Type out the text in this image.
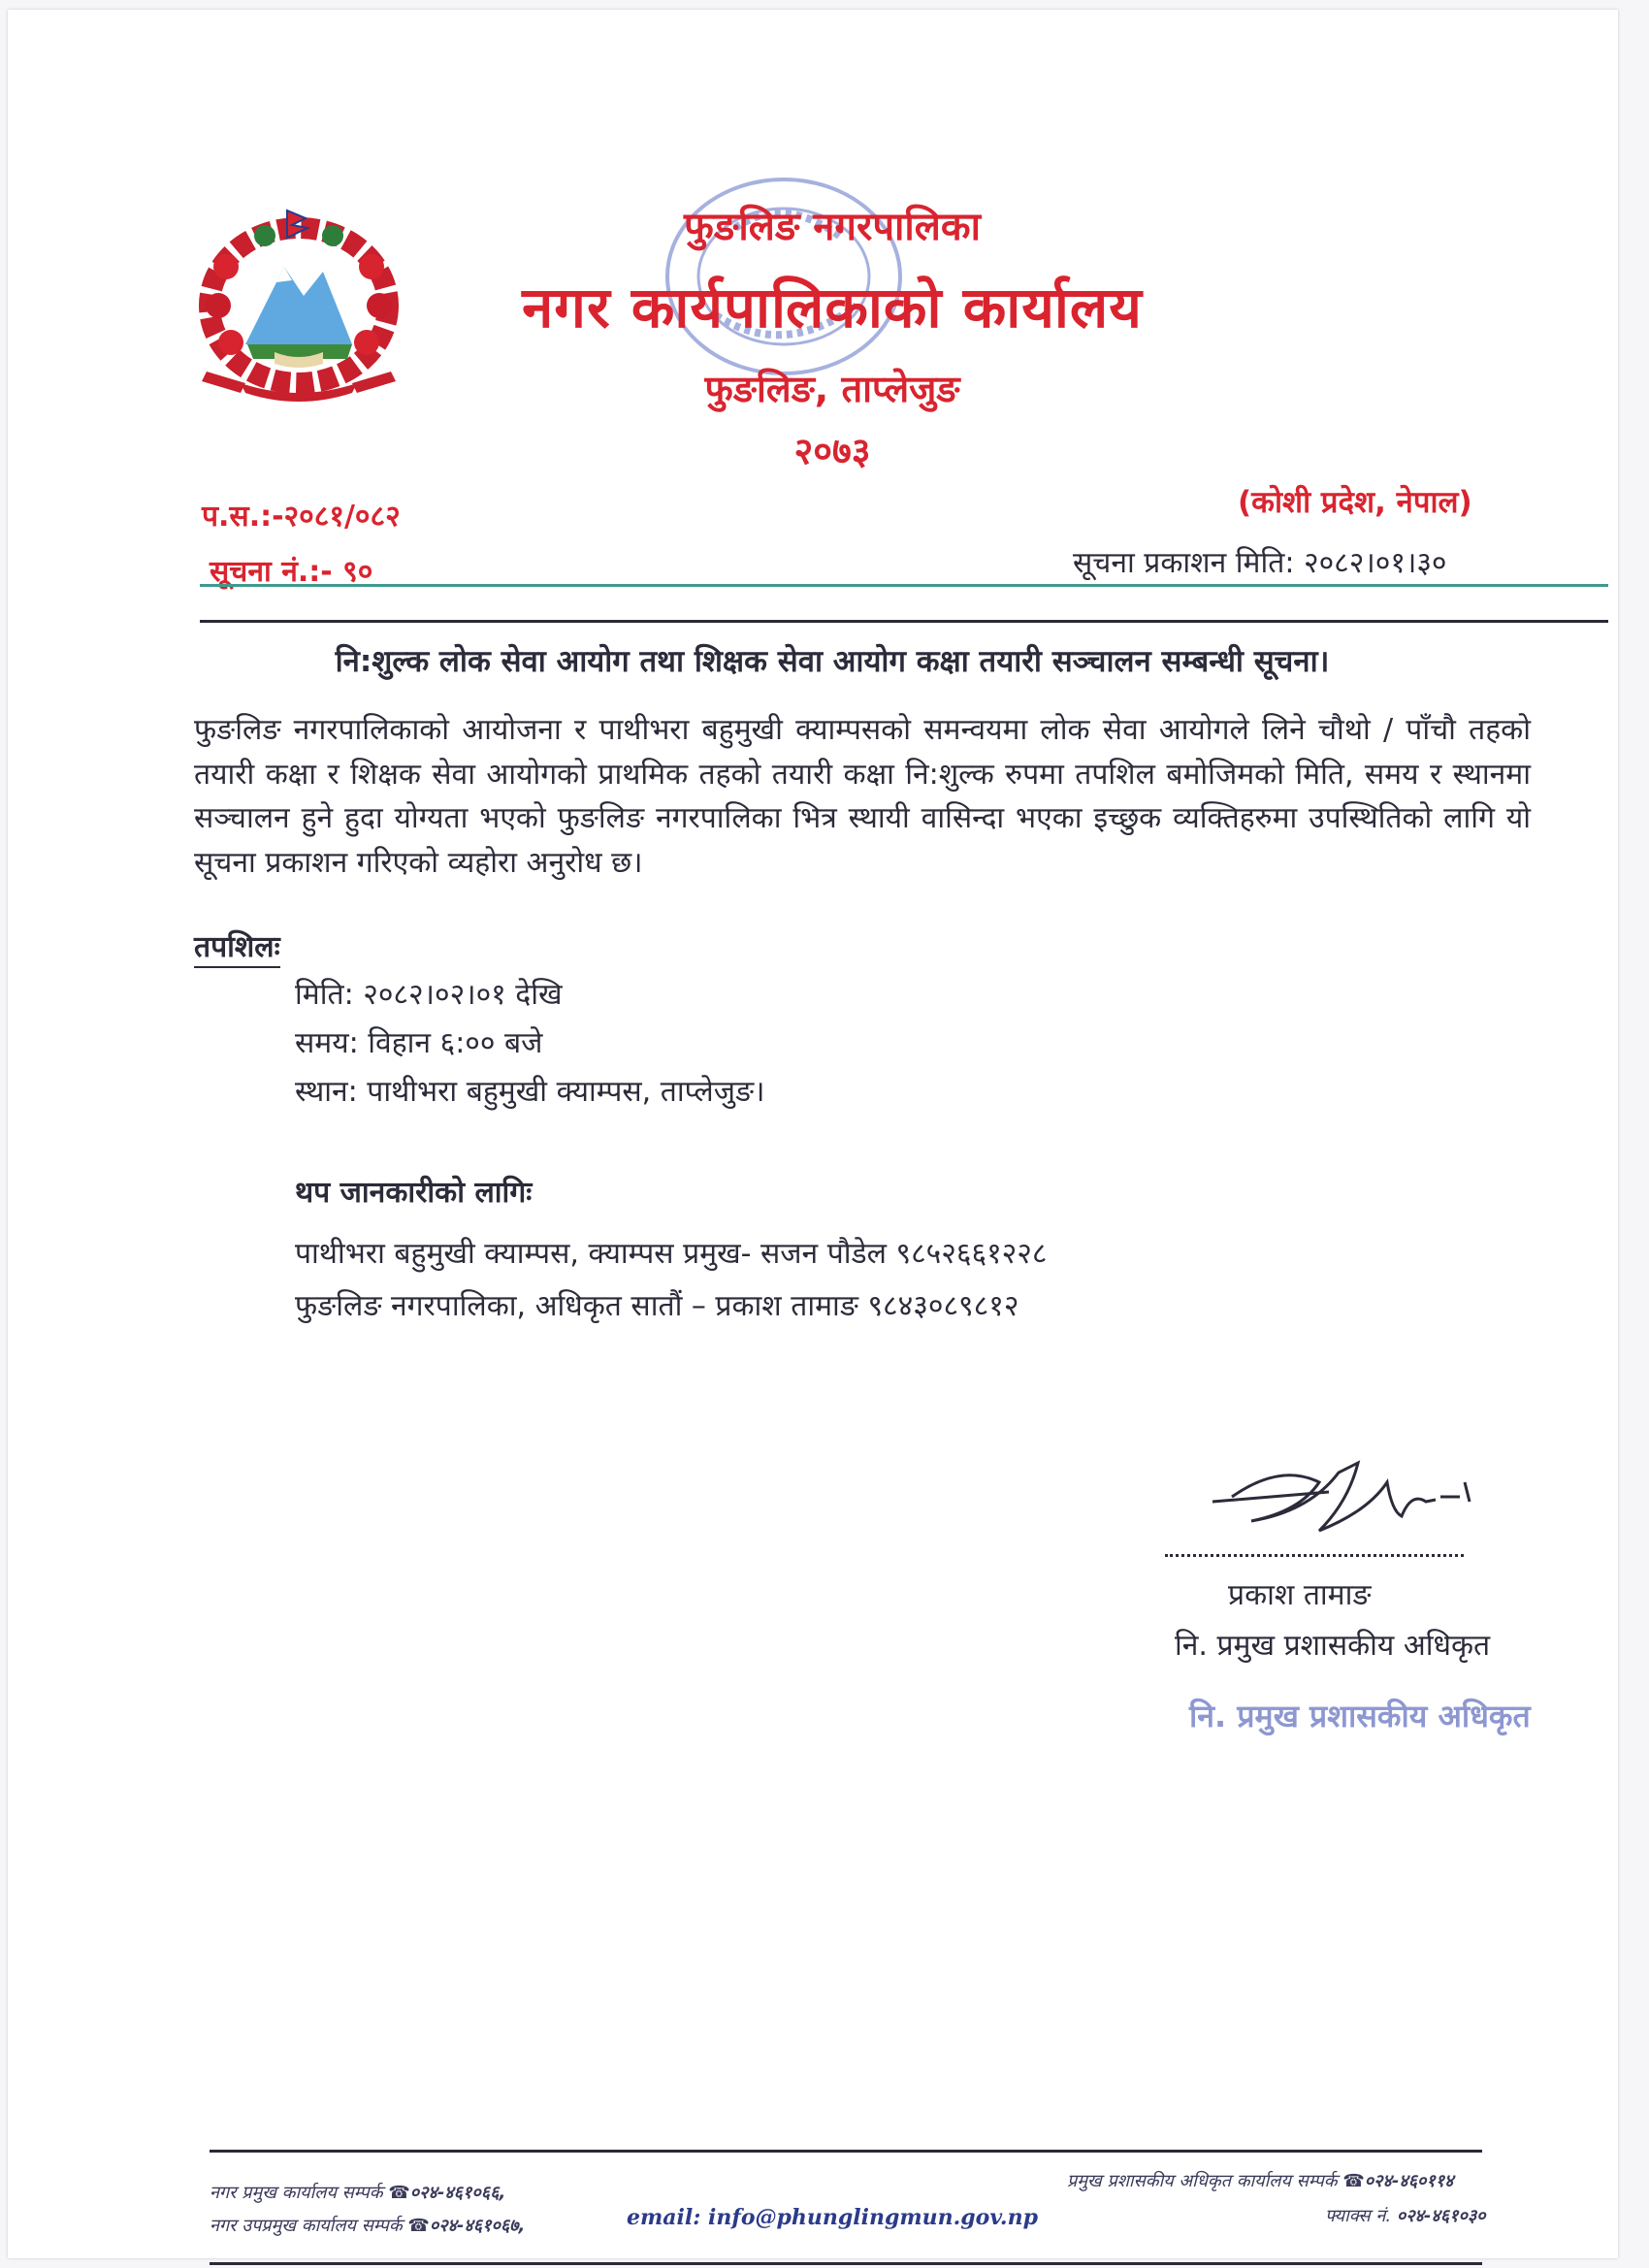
फुङलिङ नगरपालिका
नगर कार्यपालिकाको कार्यालय
फुङलिङ, ताप्लेजुङ
२०७३
प.स.:-२०८१/०८२
सूचना नं.:- ९०
(कोशी प्रदेश, नेपाल)
सूचना प्रकाशन मिति: २०८२।०१।३०
नि:शुल्क लोक सेवा आयोग तथा शिक्षक सेवा आयोग कक्षा तयारी सञ्चालन सम्बन्धी सूचना।
फुङलिङ नगरपालिकाको आयोजना र पाथीभरा बहुमुखी क्याम्पसको समन्वयमा लोक सेवा आयोगले लिने चौथो / पाँचौ तहको तयारी कक्षा र शिक्षक सेवा आयोगको प्राथमिक तहको तयारी कक्षा नि:शुल्क रुपमा तपशिल बमोजिमको मिति, समय र स्थानमा सञ्चालन हुने हुदा योग्यता भएको फुङलिङ नगरपालिका भित्र स्थायी वासिन्दा भएका इच्छुक व्यक्तिहरुमा उपस्थितिको लागि यो सूचना प्रकाशन गरिएको व्यहोरा अनुरोध छ।
तपशिलः
मिति: २०८२।०२।०१ देखि
समय: विहान ६:०० बजे
स्थान: पाथीभरा बहुमुखी क्याम्पस, ताप्लेजुङ।
थप जानकारीको लागिः
पाथीभरा बहुमुखी क्याम्पस, क्याम्पस प्रमुख- सजन पौडेल ९८५२६६१२२८
फुङलिङ नगरपालिका, अधिकृत सातौं – प्रकाश तामाङ ९८४३०८९८१२
प्रकाश तामाङ
नि. प्रमुख प्रशासकीय अधिकृत
नि. प्रमुख प्रशासकीय अधिकृत
नगर प्रमुख कार्यालय सम्पर्क ☎०२४-४६१०६६,
नगर उपप्रमुख कार्यालय सम्पर्क ☎०२४-४६१०६७,	email: info@phunglingmun.gov.np
प्रमुख प्रशासकीय अधिकृत कार्यालय सम्पर्क ☎०२४-४६०११४
फ्याक्स नं. ०२४-४६१०३०
